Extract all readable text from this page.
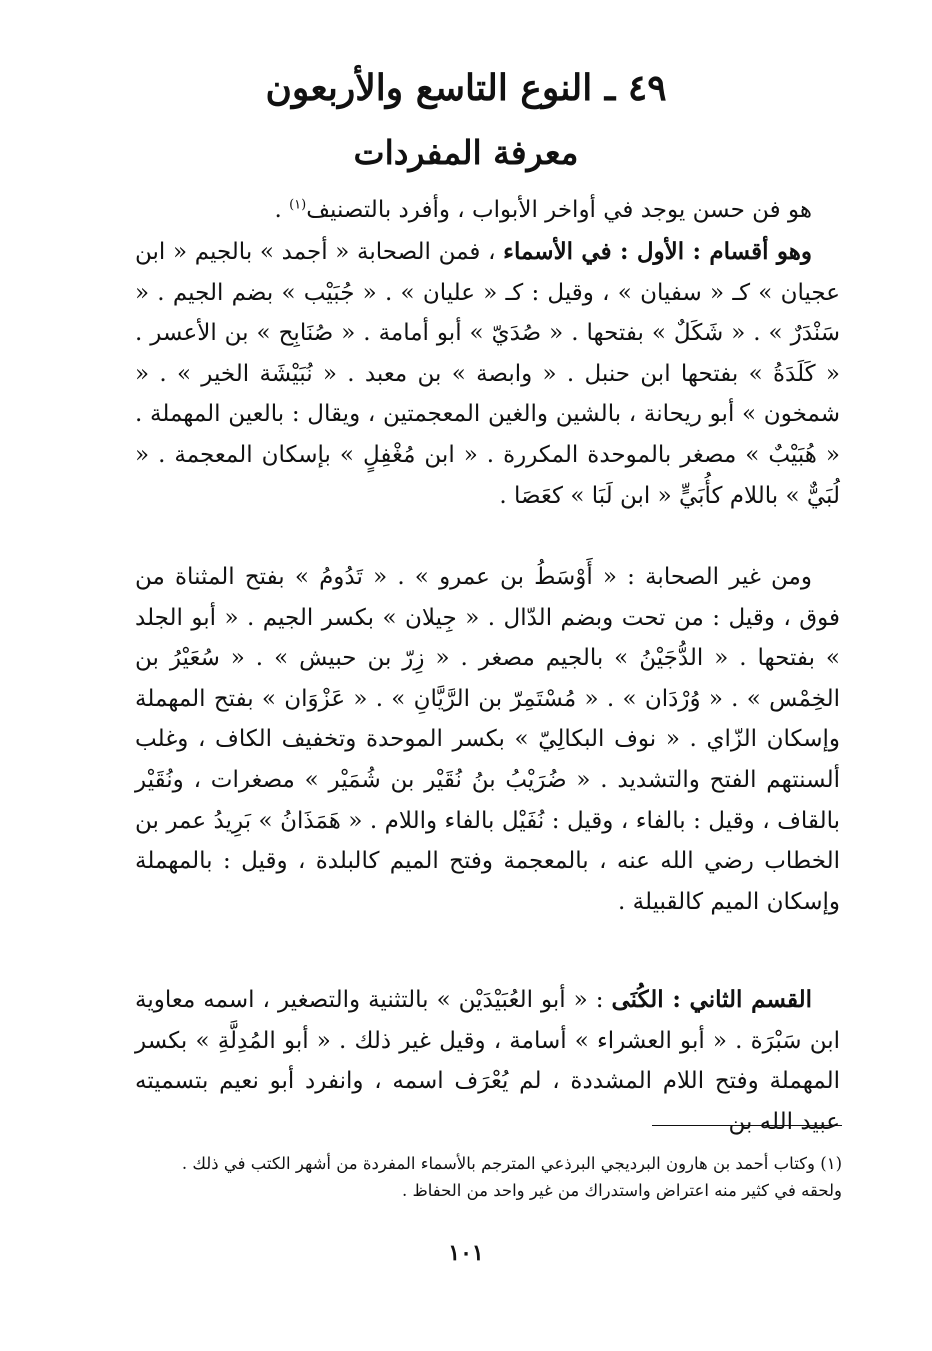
٤٩ ـ النوع التاسع والأربعون
معرفة المفردات

هو فن حسن يوجد في أواخر الأبواب ، وأفرد بالتصنيف$^{(١)}$ .

وهو أقسام : الأول : في الأسماء ، فمن الصحابة « أجمد » بالجيم « ابن عجيان » كـ « سفيان » ، وقيل : كـ « عليان » . « جُبَيْب » بضم الجيم . « سَنْدَرٌ » . « شَكَلٌ » بفتحها . « صُدَيّ » أبو أمامة . « صُنَابِح » بن الأعسر . « كَلَدَةُ » بفتحها ابن حنبل . « وابصة » بن معبد . « نُبَيْشَة الخير » . « شمخون » أبو ريحانة ، بالشين والغين المعجمتين ، ويقال : بالعين المهملة . « هُبَيْبٌ » مصغر بالموحدة المكررة . « ابن مُغْفِلٍ » بإسكان المعجمة . « لُبَيٌّ » باللام كأُبَيٍّ « ابن لَبَا » كعَصَا .

ومن غير الصحابة : « أَوْسَطُ بن عمرو » . « تَدُومُ » بفتح المثناة من فوق ، وقيل : من تحت وبضم الدّال . « جِيلان » بكسر الجيم . « أبو الجلد » بفتحها . « الدُّجَيْنُ » بالجيم مصغر . « زِرّ بن حبيش » . « سُعَيْرُ بن الخِمْس » . « وُرْدَان » . « مُسْتَمِرّ بن الرَّيَّانِ » . « عَزْوَان » بفتح المهملة وإسكان الزّاي . « نوف البكالِيّ » بكسر الموحدة وتخفيف الكاف ، وغلب ألسنتهم الفتح والتشديد . « ضُرَيْبُ بنُ نُقَيْر بن شُمَيْر » مصغرات ، ونُقَيْر بالقاف ، وقيل : بالفاء ، وقيل : نُفَيْل بالفاء واللام . « هَمَذَانُ » بَرِيدُ عمر بن الخطاب رضي الله عنه ، بالمعجمة وفتح الميم كالبلدة ، وقيل : بالمهملة وإسكان الميم كالقبيلة .

القسم الثاني : الكُنَى : « أبو العُبَيْدَيْن » بالتثنية والتصغير ، اسمه معاوية ابن سَبْرَة . « أبو العشراء » أسامة ، وقيل غير ذلك . « أبو المُدِلَّةِ » بكسر المهملة وفتح اللام المشددة ، لم يُعْرَف اسمه ، وانفرد أبو نعيم بتسميته عبيد الله بن

(١) وكتاب أحمد بن هارون البرديجي البرذعي المترجم بالأسماء المفردة من أشهر الكتب في ذلك .
ولحقه في كثير منه اعتراض واستدراك من غير واحد من الحفاظ .

١٠١
